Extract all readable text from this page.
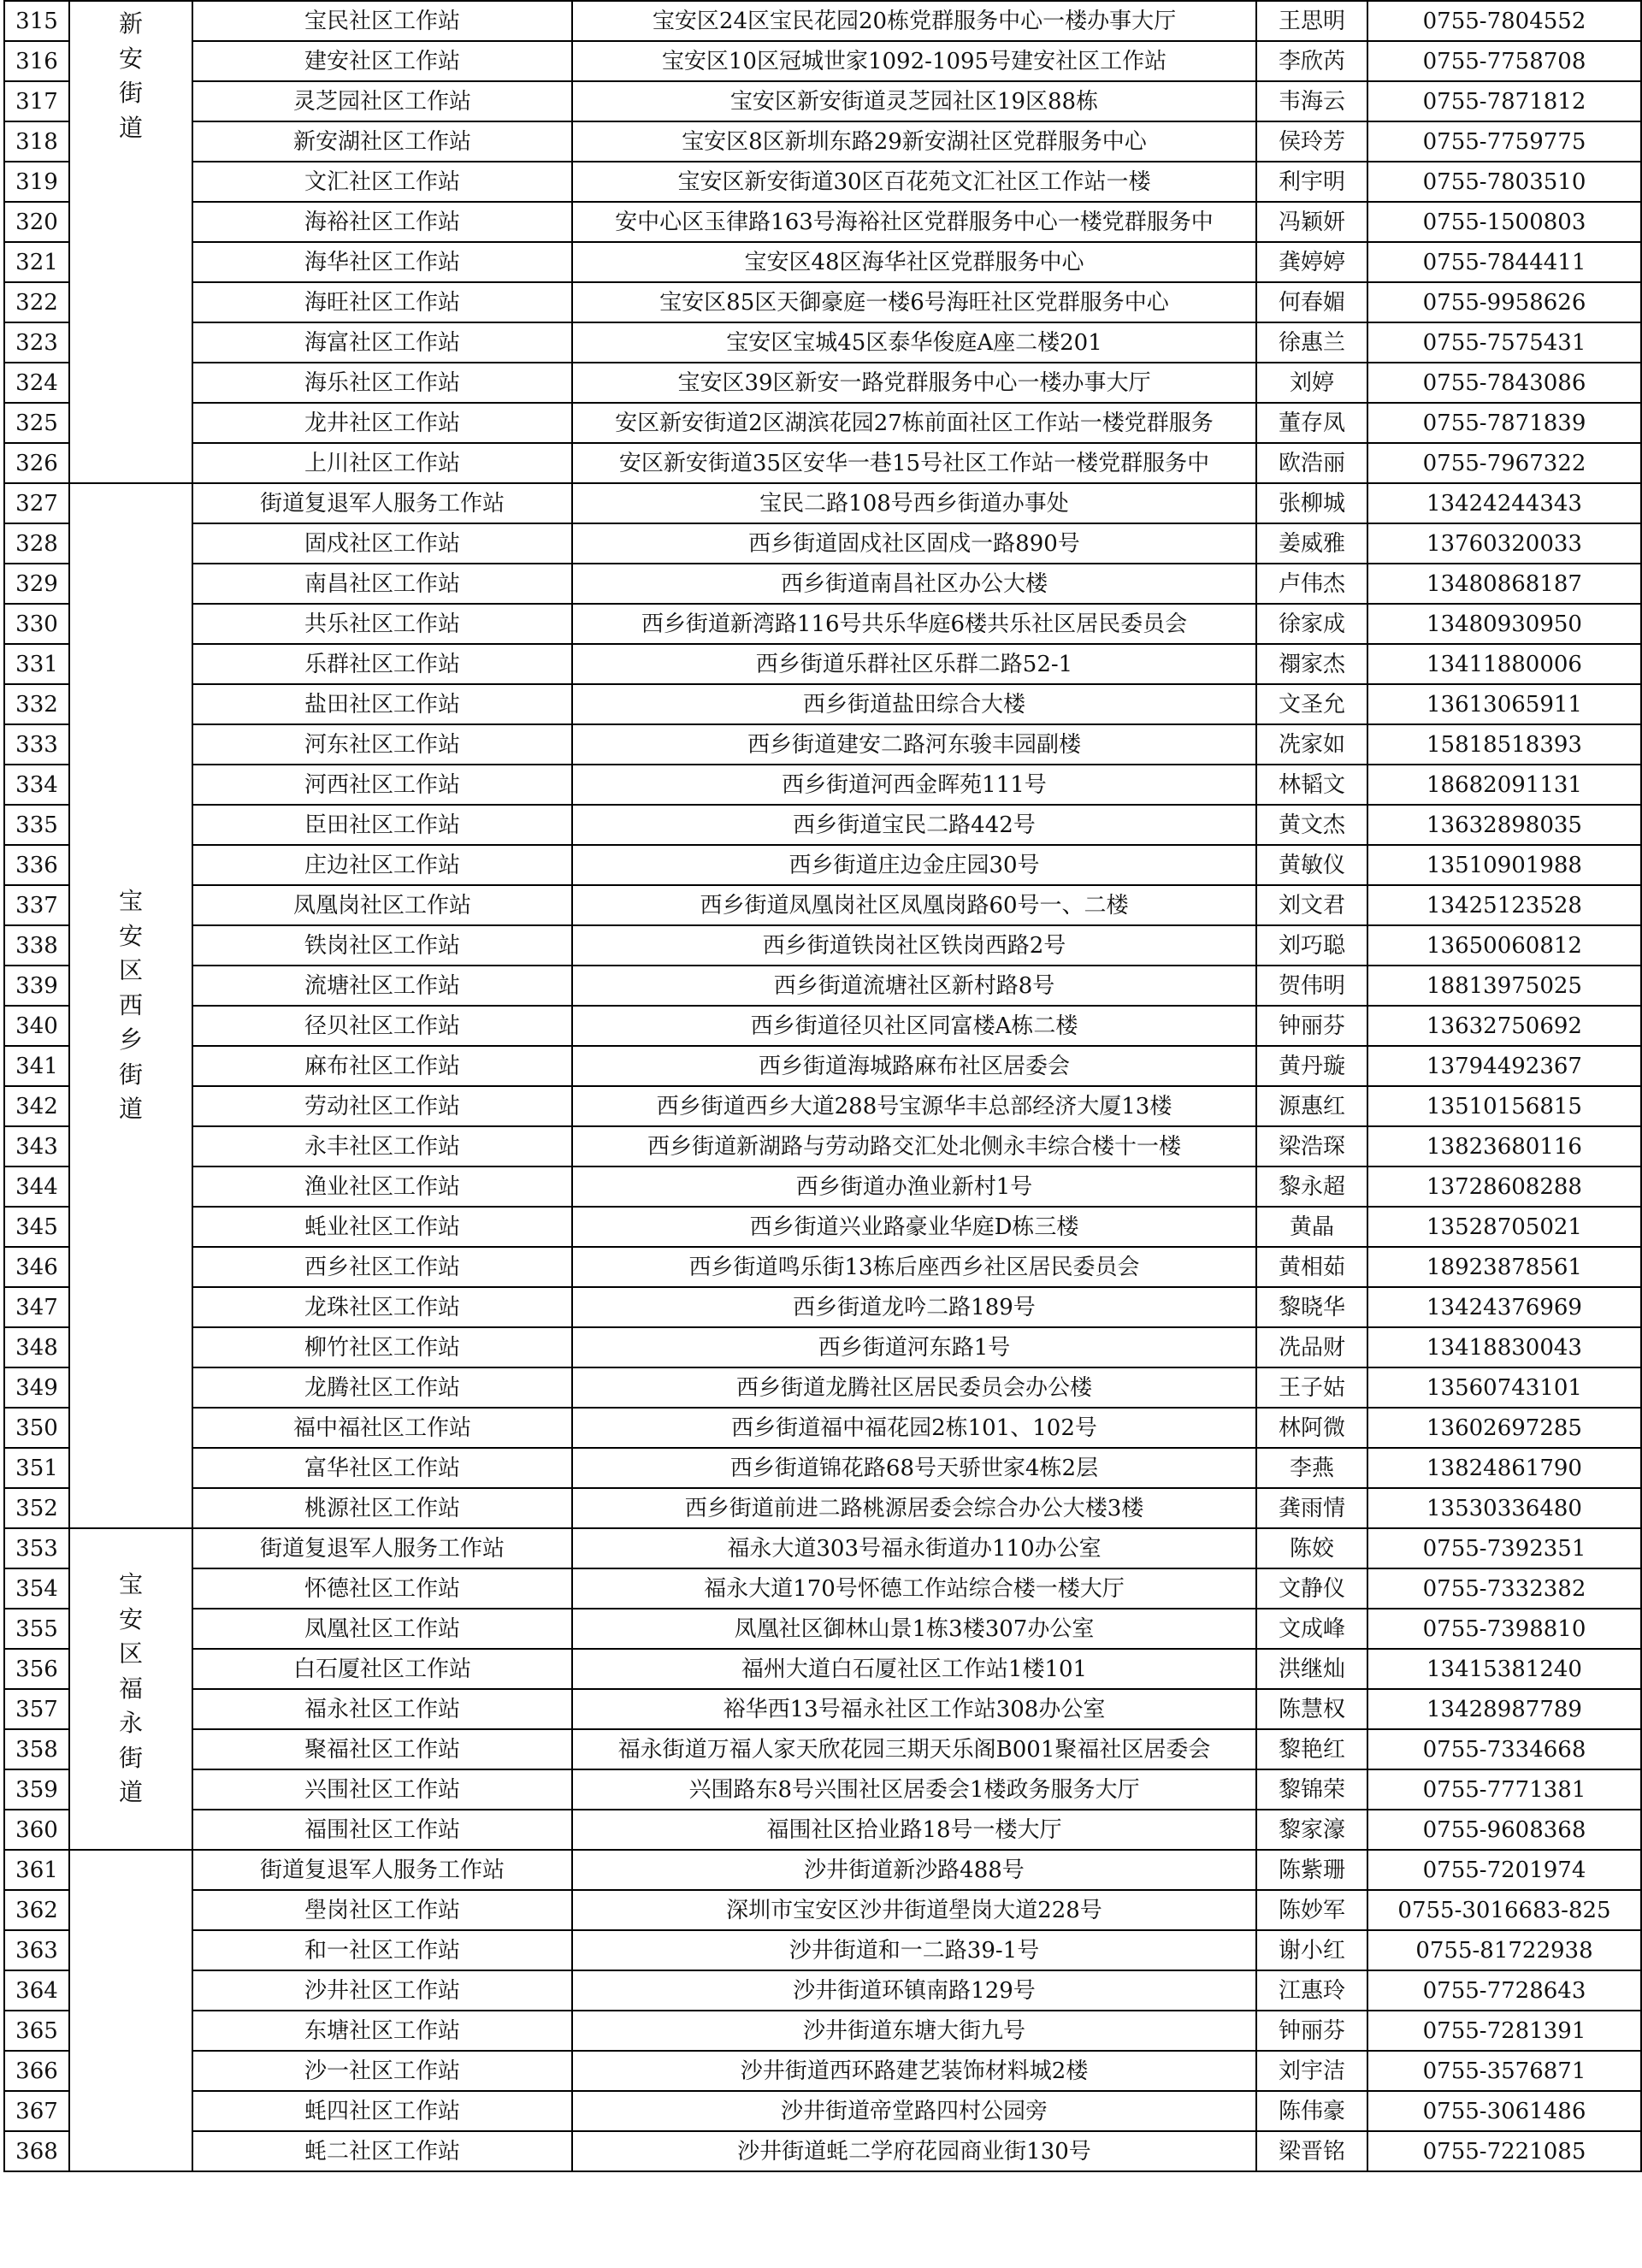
315	新安街道	宝民社区工作站	宝安区24区宝民花园20栋党群服务中心一楼办事大厅	王思明	0755-7804552
316		建安社区工作站	宝安区10区冠城世家1092-1095号建安社区工作站	李欣芮	0755-7758708
317		灵芝园社区工作站	宝安区新安街道灵芝园社区19区88栋	韦海云	0755-7871812
318		新安湖社区工作站	宝安区8区新圳东路29新安湖社区党群服务中心	侯玲芳	0755-7759775
319		文汇社区工作站	宝安区新安街道30区百花苑文汇社区工作站一楼	利宇明	0755-7803510
320		海裕社区工作站	安中心区玉律路163号海裕社区党群服务中心一楼党群服务中	冯颖妍	0755-1500803
321		海华社区工作站	宝安区48区海华社区党群服务中心	龚婷婷	0755-7844411
322		海旺社区工作站	宝安区85区天御豪庭一楼6号海旺社区党群服务中心	何春媚	0755-9958626
323		海富社区工作站	宝安区宝城45区泰华俊庭A座二楼201	徐惠兰	0755-7575431
324		海乐社区工作站	宝安区39区新安一路党群服务中心一楼办事大厅	刘婷	0755-7843086
325		龙井社区工作站	安区新安街道2区湖滨花园27栋前面社区工作站一楼党群服务	董存凤	0755-7871839
326		上川社区工作站	安区新安街道35区安华一巷15号社区工作站一楼党群服务中	欧浩丽	0755-7967322
327	宝安区西乡街道	街道复退军人服务工作站	宝民二路108号西乡街道办事处	张柳城	13424244343
328		固戍社区工作站	西乡街道固戍社区固戍一路890号	姜威雅	13760320033
329		南昌社区工作站	西乡街道南昌社区办公大楼	卢伟杰	13480868187
330		共乐社区工作站	西乡街道新湾路116号共乐华庭6楼共乐社区居民委员会	徐家成	13480930950
331		乐群社区工作站	西乡街道乐群社区乐群二路52-1	禤家杰	13411880006
332		盐田社区工作站	西乡街道盐田综合大楼	文圣允	13613065911
333		河东社区工作站	西乡街道建安二路河东骏丰园副楼	冼家如	15818518393
334		河西社区工作站	西乡街道河西金晖苑111号	林韬文	18682091131
335		臣田社区工作站	西乡街道宝民二路442号	黄文杰	13632898035
336		庄边社区工作站	西乡街道庄边金庄园30号	黄敏仪	13510901988
337		凤凰岗社区工作站	西乡街道凤凰岗社区凤凰岗路60号一、二楼	刘文君	13425123528
338		铁岗社区工作站	西乡街道铁岗社区铁岗西路2号	刘巧聪	13650060812
339		流塘社区工作站	西乡街道流塘社区新村路8号	贺伟明	18813975025
340		径贝社区工作站	西乡街道径贝社区同富楼A栋二楼	钟丽芬	13632750692
341		麻布社区工作站	西乡街道海城路麻布社区居委会	黄丹璇	13794492367
342		劳动社区工作站	西乡街道西乡大道288号宝源华丰总部经济大厦13楼	源惠红	13510156815
343		永丰社区工作站	西乡街道新湖路与劳动路交汇处北侧永丰综合楼十一楼	梁浩琛	13823680116
344		渔业社区工作站	西乡街道办渔业新村1号	黎永超	13728608288
345		蚝业社区工作站	西乡街道兴业路豪业华庭D栋三楼	黄晶	13528705021
346		西乡社区工作站	西乡街道鸣乐街13栋后座西乡社区居民委员会	黄相茹	18923878561
347		龙珠社区工作站	西乡街道龙吟二路189号	黎晓华	13424376969
348		柳竹社区工作站	西乡街道河东路1号	冼品财	13418830043
349		龙腾社区工作站	西乡街道龙腾社区居民委员会办公楼	王子姑	13560743101
350		福中福社区工作站	西乡街道福中福花园2栋101、102号	林阿微	13602697285
351		富华社区工作站	西乡街道锦花路68号天骄世家4栋2层	李燕	13824861790
352		桃源社区工作站	西乡街道前进二路桃源居委会综合办公大楼3楼	龚雨情	13530336480
353	宝安区福永街道	街道复退军人服务工作站	福永大道303号福永街道办110办公室	陈姣	0755-7392351
354		怀德社区工作站	福永大道170号怀德工作站综合楼一楼大厅	文静仪	0755-7332382
355		凤凰社区工作站	凤凰社区御林山景1栋3楼307办公室	文成峰	0755-7398810
356		白石厦社区工作站	福州大道白石厦社区工作站1楼101	洪继灿	13415381240
357		福永社区工作站	裕华西13号福永社区工作站308办公室	陈慧权	13428987789
358		聚福社区工作站	福永街道万福人家天欣花园三期天乐阁B001聚福社区居委会	黎艳红	0755-7334668
359		兴围社区工作站	兴围路东8号兴围社区居委会1楼政务服务大厅	黎锦荣	0755-7771381
360		福围社区工作站	福围社区拾业路18号一楼大厅	黎家濠	0755-9608368
361		街道复退军人服务工作站	沙井街道新沙路488号	陈紫珊	0755-7201974
362		壆岗社区工作站	深圳市宝安区沙井街道壆岗大道228号	陈妙军	0755-3016683-825
363		和一社区工作站	沙井街道和一二路39-1号	谢小红	0755-81722938
364		沙井社区工作站	沙井街道环镇南路129号	江惠玲	0755-7728643
365		东塘社区工作站	沙井街道东塘大街九号	钟丽芬	0755-7281391
366		沙一社区工作站	沙井街道西环路建艺装饰材料城2楼	刘宇洁	0755-3576871
367		蚝四社区工作站	沙井街道帝堂路四村公园旁	陈伟豪	0755-3061486
368		蚝二社区工作站	沙井街道蚝二学府花园商业街130号	梁晋铭	0755-7221085
